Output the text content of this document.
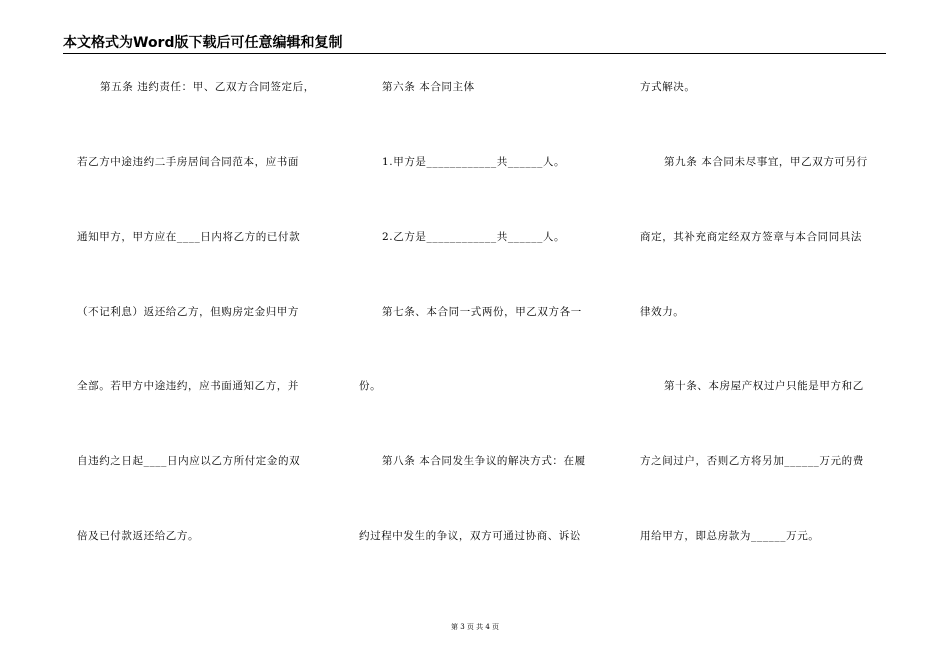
本文格式为Word版下载后可任意编辑和复制
第五条 违约责任：甲、乙双方合同签定后，
若乙方中途违约二手房居间合同范本，应书面
通知甲方，甲方应在____日内将乙方的已付款
（不记利息）返还给乙方，但购房定金归甲方
全部。若甲方中途违约，应书面通知乙方，并
自违约之日起____日内应以乙方所付定金的双
倍及已付款返还给乙方。
第六条 本合同主体
1.甲方是____________共______人。
2.乙方是____________共______人。
第七条、本合同一式两份，甲乙双方各一
份。
第八条 本合同发生争议的解决方式：在履
约过程中发生的争议，双方可通过协商、诉讼
方式解决。
第九条 本合同未尽事宜，甲乙双方可另行
商定，其补充商定经双方签章与本合同同具法
律效力。
第十条、本房屋产权过户只能是甲方和乙
方之间过户，否则乙方将另加______万元的费
用给甲方，即总房款为______万元。
第 3 页 共 4 页
